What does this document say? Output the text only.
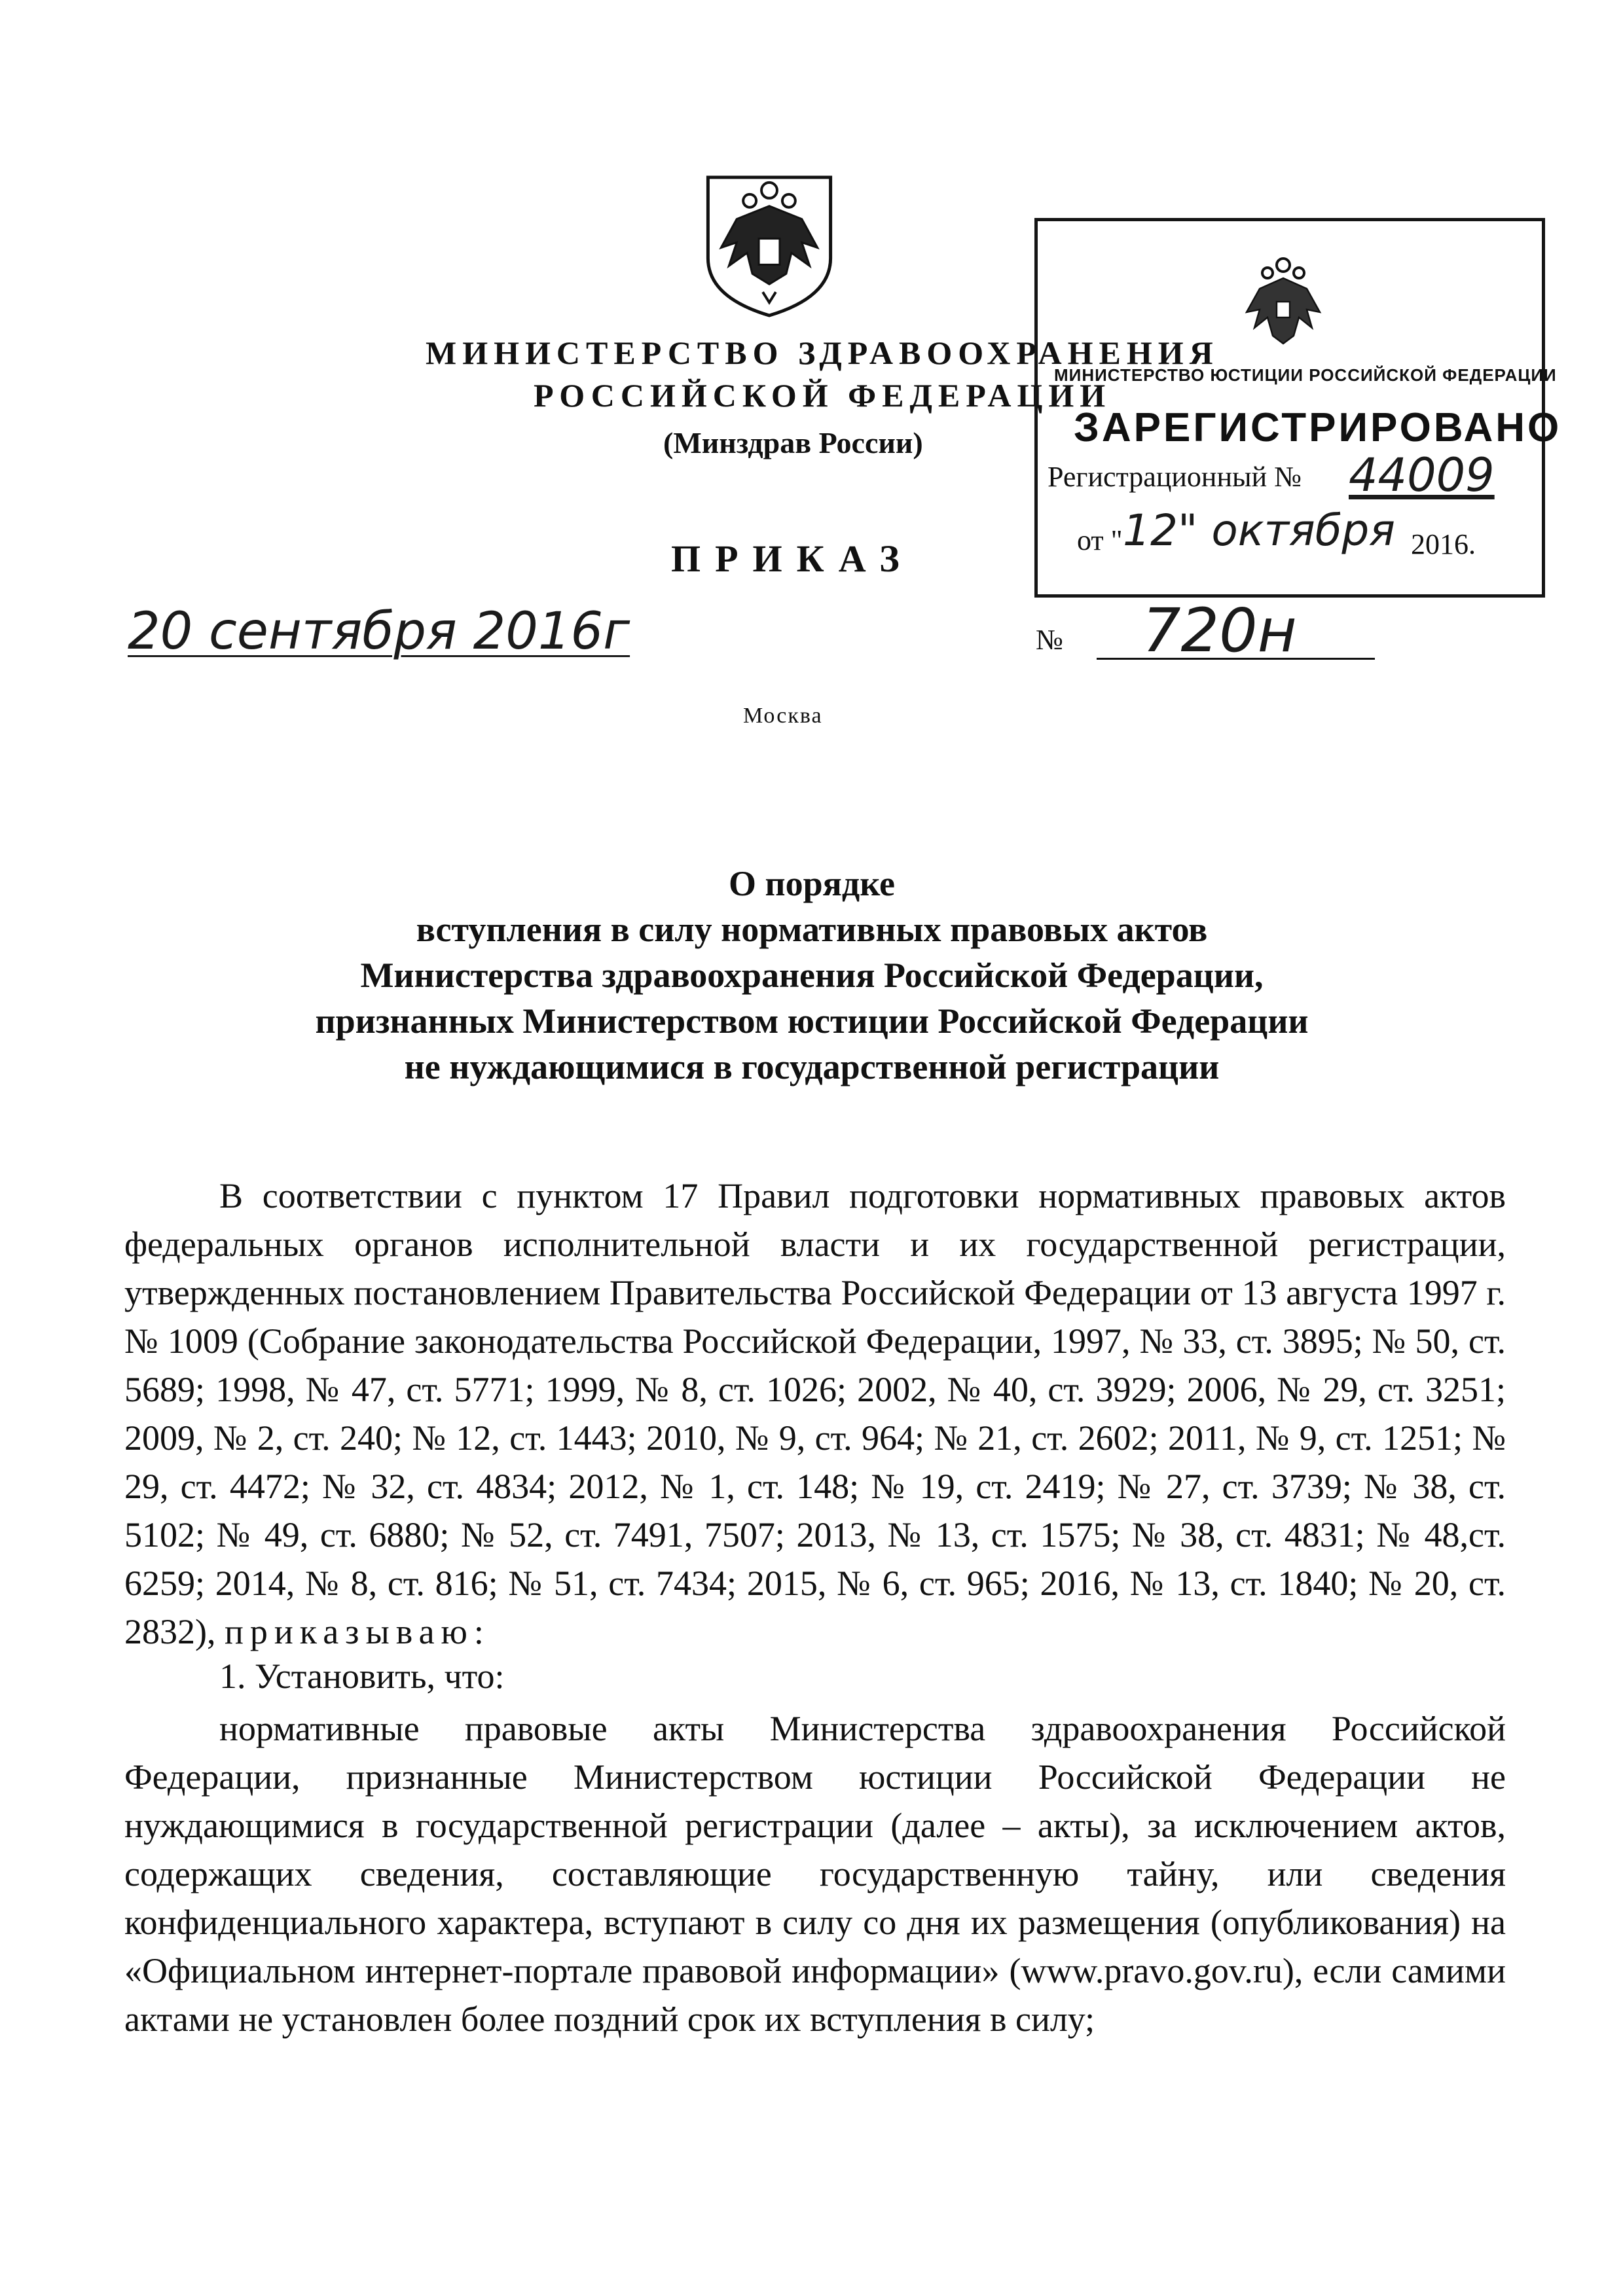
МИНИСТЕРСТВО ЗДРАВООХРАНЕНИЯ
РОССИЙСКОЙ ФЕДЕРАЦИИ
(Минздрав России)
ПРИКАЗ
20 сентября 2016г	№ 720н
Москва
МИНИСТЕРСТВО ЮСТИЦИИ РОССИЙСКОЙ ФЕДЕРАЦИИ
ЗАРЕГИСТРИРОВАНО
Регистрационный № 44009
от " 12" октября 2016.
О порядке
вступления в силу нормативных правовых актов
Министерства здравоохранения Российской Федерации,
признанных Министерством юстиции Российской Федерации
не нуждающимися в государственной регистрации
В соответствии с пунктом 17 Правил подготовки нормативных правовых актов федеральных органов исполнительной власти и их государственной регистрации, утвержденных постановлением Правительства Российской Федерации от 13 августа 1997 г. № 1009 (Собрание законодательства Российской Федерации, 1997, № 33, ст. 3895; № 50, ст. 5689; 1998, № 47, ст. 5771; 1999, № 8, ст. 1026; 2002, № 40, ст. 3929; 2006, № 29, ст. 3251; 2009, № 2, ст. 240; № 12, ст. 1443; 2010, № 9, ст. 964; № 21, ст. 2602; 2011, № 9, ст. 1251; № 29, ст. 4472; № 32, ст. 4834; 2012, № 1, ст. 148; № 19, ст. 2419; № 27, ст. 3739; № 38, ст. 5102; № 49, ст. 6880; № 52, ст. 7491, 7507; 2013, № 13, ст. 1575; № 38, ст. 4831; № 48,ст. 6259; 2014, № 8, ст. 816; № 51, ст. 7434; 2015, № 6, ст. 965; 2016, № 13, ст. 1840; № 20, ст. 2832), приказываю:
1. Установить, что:
нормативные правовые акты Министерства здравоохранения Российской Федерации, признанные Министерством юстиции Российской Федерации не нуждающимися в государственной регистрации (далее – акты), за исключением актов, содержащих сведения, составляющие государственную тайну, или сведения конфиденциального характера, вступают в силу со дня их размещения (опубликования) на «Официальном интернет-портале правовой информации» (www.pravo.gov.ru), если самими актами не установлен более поздний срок их вступления в силу;
